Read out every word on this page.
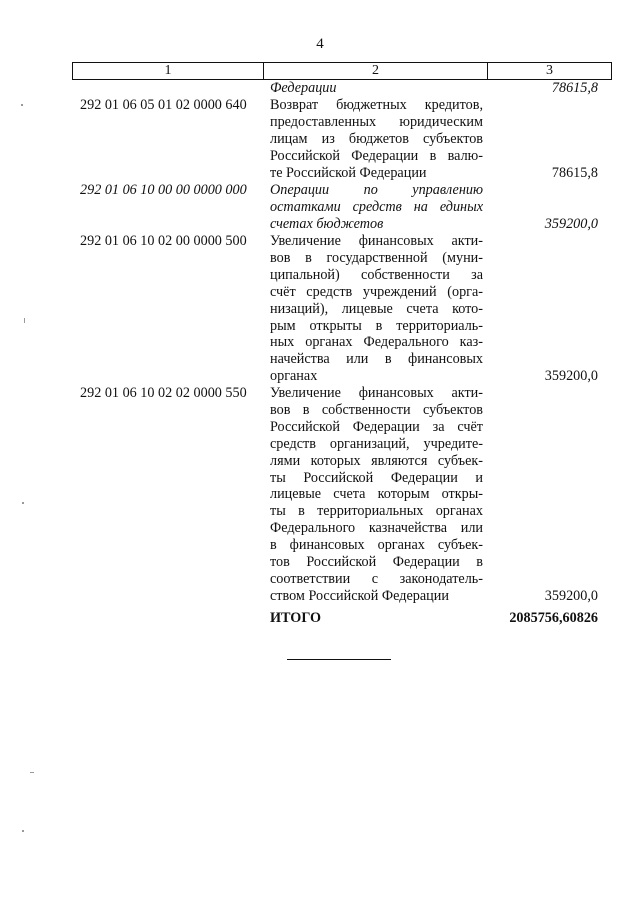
4
1	2	3
Федерации	78615,8
292 01 06 05 01 02 0000 640 Возврат бюджетных кредитов,
предоставленных юридическим
лицам из бюджетов субъектов
Российской Федерации в валю-
те Российской Федерации	78615,8
292 01 06 10 00 00 0000 000 Операции по управлению
остатками средств на единых
счетах бюджетов	359200,0
292 01 06 10 02 00 0000 500 Увеличение финансовых акти-
вов в государственной (муни-
ципальной) собственности за
счёт средств учреждений (орга-
низаций), лицевые счета кото-
рым открыты в территориаль-
ных органах Федерального каз-
начейства или в финансовых
органах	359200,0
292 01 06 10 02 02 0000 550 Увеличение финансовых акти-
вов в собственности субъектов
Российской Федерации за счёт
средств организаций, учредите-
лями которых являются субъек-
ты Российской Федерации и
лицевые счета которым откры-
ты в территориальных органах
Федерального казначейства или
в финансовых органах субъек-
тов Российской Федерации в
соответствии с законодатель-
ством Российской Федерации	359200,0
ИТОГО	2085756,60826
